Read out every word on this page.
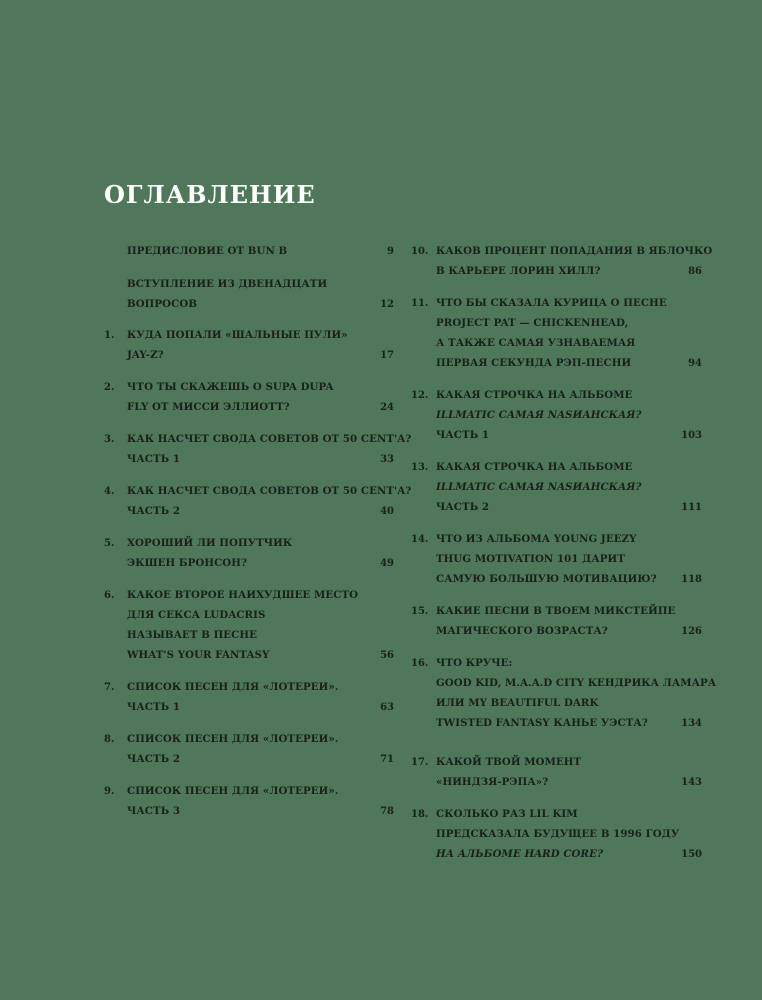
ОГЛАВЛЕНИЕ
ПРЕДИСЛОВИЕ ОТ BUN B	9
ВСТУПЛЕНИЕ ИЗ ДВЕНАДЦАТИ
ВОПРОСОВ	12
1. КУДА ПОПАЛИ «ШАЛЬНЫЕ ПУЛИ»
JAY-Z?	17
2. ЧТО ТЫ СКАЖЕШЬ О SUPA DUPA
FLY ОТ МИССИ ЭЛЛИОТТ?	24
3. КАК НАСЧЕТ СВОДА СОВЕТОВ ОТ 50 CENT'A?
ЧАСТЬ 1	33
4. КАК НАСЧЕТ СВОДА СОВЕТОВ ОТ 50 CENT'A?
ЧАСТЬ 2	40
5. ХОРОШИЙ ЛИ ПОПУТЧИК
ЭКШЕН БРОНСОН?	49
6. КАКОЕ ВТОРОЕ НАИХУДШЕЕ МЕСТО
ДЛЯ СЕКСА LUDACRIS
НАЗЫВАЕТ В ПЕСНЕ
WHAT'S YOUR FANTASY	56
7. СПИСОК ПЕСЕН ДЛЯ «ЛОТЕРЕИ».
ЧАСТЬ 1	63
8. СПИСОК ПЕСЕН ДЛЯ «ЛОТЕРЕИ».
ЧАСТЬ 2	71
9. СПИСОК ПЕСЕН ДЛЯ «ЛОТЕРЕИ».
ЧАСТЬ 3	78
10. КАКОВ ПРОЦЕНТ ПОПАДАНИЯ В ЯБЛОЧКО
В КАРЬЕРЕ ЛОРИН ХИЛЛ?	86
11. ЧТО БЫ СКАЗАЛА КУРИЦА О ПЕСНЕ
PROJECT PAT — CHICKENHEAD,
А ТАКЖЕ САМАЯ УЗНАВАЕМАЯ
ПЕРВАЯ СЕКУНДА РЭП-ПЕСНИ	94
12. КАКАЯ СТРОЧКА НА АЛЬБОМЕ
ILLMATIC САМАЯ NASИАНСКАЯ?
ЧАСТЬ 1	103
13. КАКАЯ СТРОЧКА НА АЛЬБОМЕ
ILLMATIC САМАЯ NASИАНСКАЯ?
ЧАСТЬ 2	111
14. ЧТО ИЗ АЛЬБОМА YOUNG JEEZY
THUG MOTIVATION 101 ДАРИТ
САМУЮ БОЛЬШУЮ МОТИВАЦИЮ?	118
15. КАКИЕ ПЕСНИ В ТВОЕМ МИКСТЕЙПЕ
МАГИЧЕСКОГО ВОЗРАСТА?	126
16. ЧТО КРУЧЕ:
GOOD KID, M.A.A.D CITY КЕНДРИКА ЛАМАРА
ИЛИ MY BEAUTIFUL DARK
TWISTED FANTASY КАНЬЕ УЭСТА?	134
17. КАКОЙ ТВОЙ МОМЕНТ
«НИНДЗЯ-РЭПА»?	143
18. СКОЛЬКО РАЗ LIL KIM
ПРЕДСКАЗАЛА БУДУЩЕЕ В 1996 ГОДУ
НА АЛЬБОМЕ HARD CORE?	150
